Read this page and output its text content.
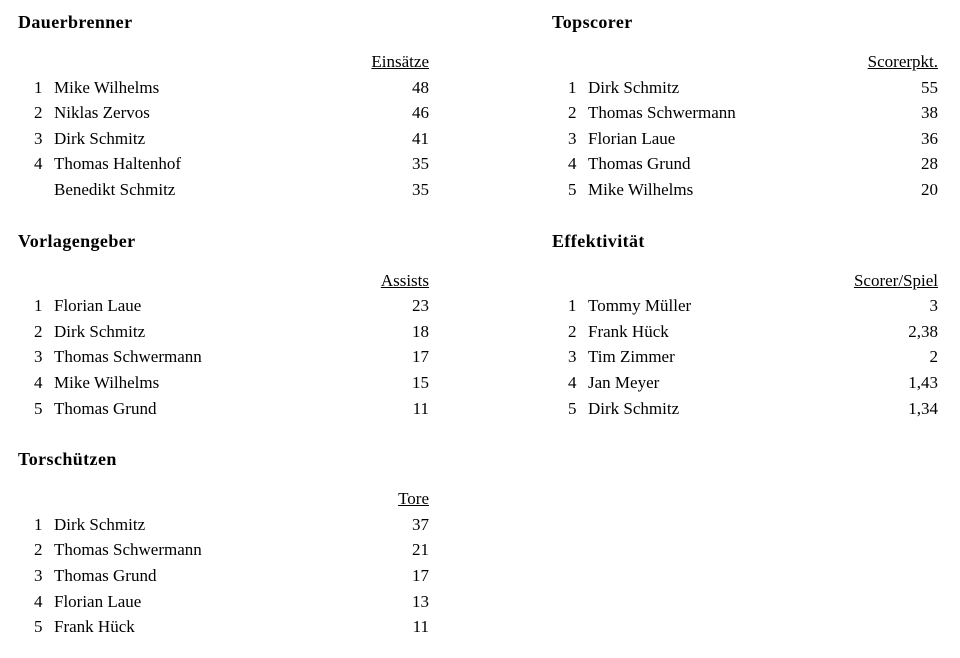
Dauerbrenner
		Einsätze
1	Mike Wilhelms	48
2	Niklas Zervos	46
3	Dirk Schmitz	41
4	Thomas Haltenhof	35
	Benedikt Schmitz	35
Vorlagengeber
		Assists
1	Florian Laue	23
2	Dirk Schmitz	18
3	Thomas Schwermann	17
4	Mike Wilhelms	15
5	Thomas Grund	11
Torschützen
		Tore
1	Dirk Schmitz	37
2	Thomas Schwermann	21
3	Thomas Grund	17
4	Florian Laue	13
5	Frank Hück	11
Topscorer
		Scorerpkt.
1	Dirk Schmitz	55
2	Thomas Schwermann	38
3	Florian Laue	36
4	Thomas Grund	28
5	Mike Wilhelms	20
Effektivität
		Scorer/Spiel
1	Tommy Müller	3
2	Frank Hück	2,38
3	Tim Zimmer	2
4	Jan Meyer	1,43
5	Dirk Schmitz	1,34
